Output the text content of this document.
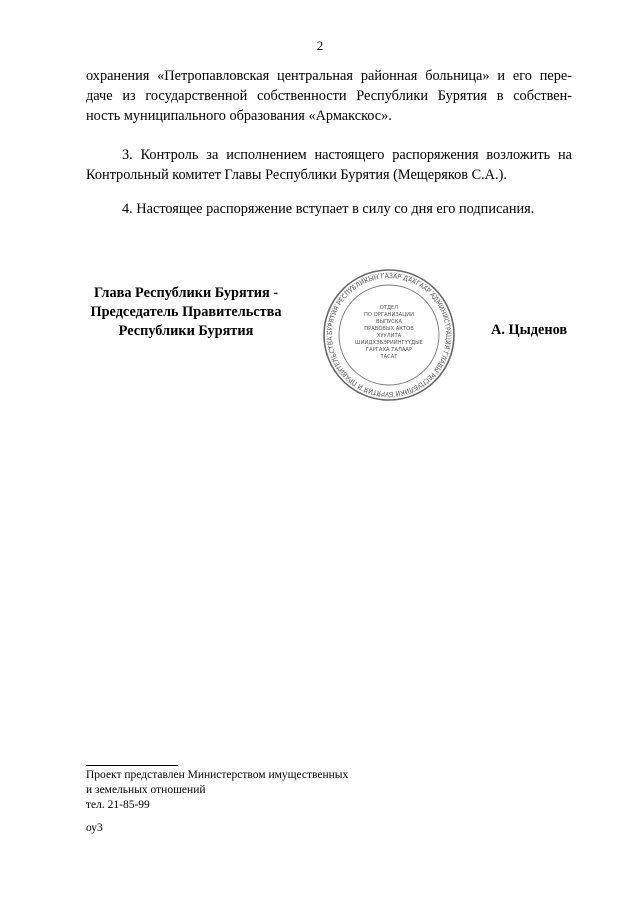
2
охранения «Петропавловская центральная районная больница» и его пере-
даче из государственной собственности Республики Бурятия в собствен-
ность муниципального образования «Армакскос».
3. Контроль за исполнением настоящего распоряжения возложить на
Контрольный комитет Главы Республики Бурятия (Мещеряков С.А.).
4. Настоящее распоряжение вступает в силу со дня его подписания.
Глава Республики Бурятия -
Председатель Правительства
Республики Бурятия	БУРЯТИЯ РЕСПУБЛИКЫН ГАЗАР ДААГААР АДМИНИСТРАЦИЯ ГЛАВЫ РЕСПУБЛИКИ БУРЯТИЯ И ПРАВИТЕЛЬСТВА
ОТДЕЛ
ПО ОРГАНИЗАЦИИ
ВЫПУСКА
ПРАВОВЫХ АКТОВ
ХУУЛИТА
ШИИДХЭБЭРИЙНГҮҮДЫЕ
ГАРГАХА ТАЛААР
ТАСАГ
А. Цыденов
Проект представлен Министерством имущественных
и земельных отношений
тел. 21-85-99
оу3
